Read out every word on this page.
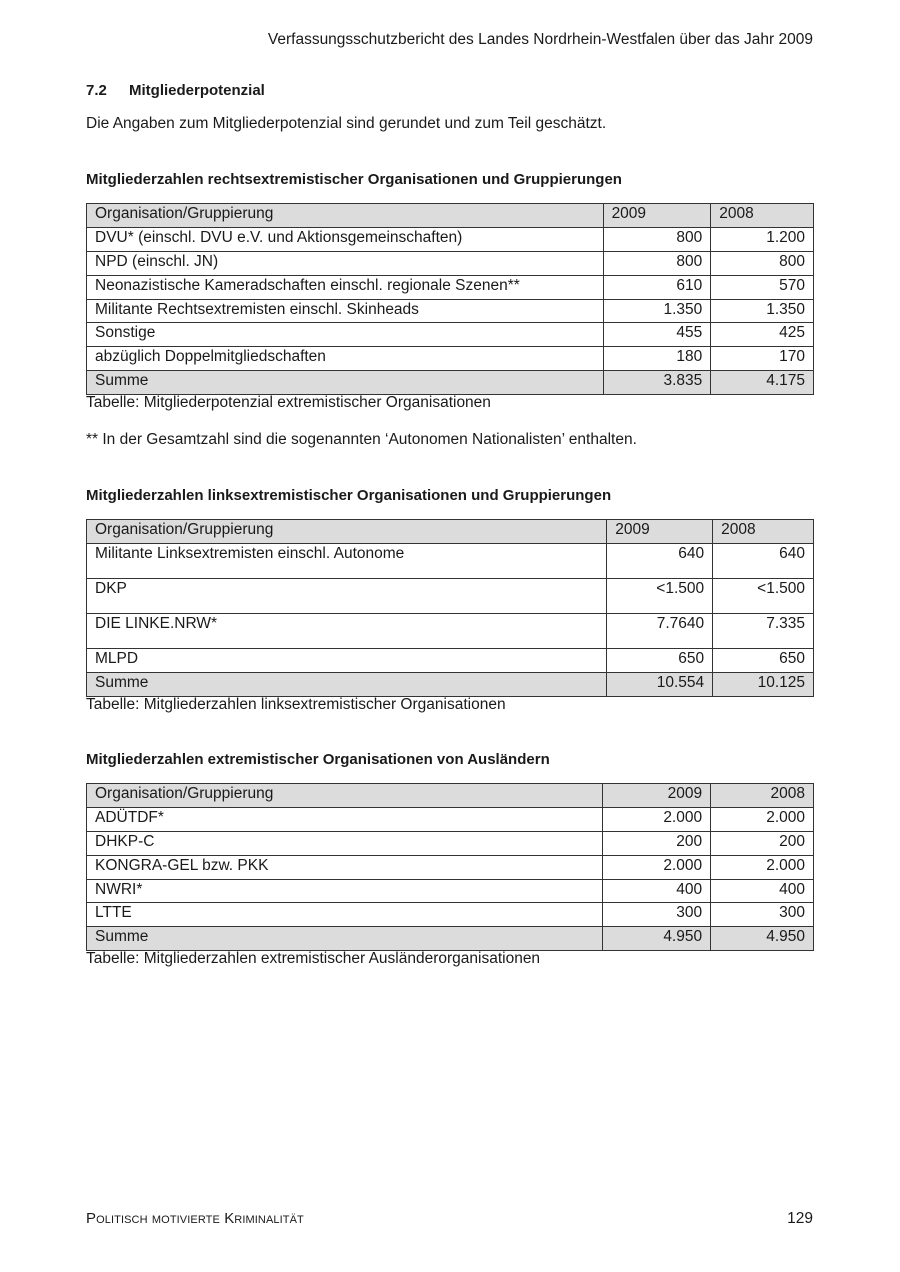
Verfassungsschutzbericht des Landes Nordrhein-Westfalen über das Jahr 2009
7.2 Mitgliederpotenzial
Die Angaben zum Mitgliederpotenzial sind gerundet und zum Teil geschätzt.
Mitgliederzahlen rechtsextremistischer Organisationen und Gruppierungen
Organisation/Gruppierung	2009	2008
DVU* (einschl. DVU e.V. und Aktionsgemeinschaften)	800	1.200
NPD (einschl. JN)	800	800
Neonazistische Kameradschaften einschl. regionale Szenen**	610	570
Militante Rechtsextremisten einschl. Skinheads	1.350	1.350
Sonstige	455	425
abzüglich Doppelmitgliedschaften	180	170
Summe	3.835	4.175
Tabelle: Mitgliederpotenzial extremistischer Organisationen
** In der Gesamtzahl sind die sogenannten ‘Autonomen Nationalisten’ enthalten.
Mitgliederzahlen linksextremistischer Organisationen und Gruppierungen
Organisation/Gruppierung	2009	2008
Militante Linksextremisten einschl. Autonome	640	640
DKP	<1.500	<1.500
DIE LINKE.NRW*	7.7640	7.335
MLPD	650	650
Summe	10.554	10.125
Tabelle: Mitgliederzahlen linksextremistischer Organisationen
Mitgliederzahlen extremistischer Organisationen von Ausländern
Organisation/Gruppierung	2009	2008
ADÜTDF*	2.000	2.000
DHKP-C	200	200
KONGRA-GEL bzw. PKK	2.000	2.000
NWRI*	400	400
LTTE	300	300
Summe	4.950	4.950
Tabelle: Mitgliederzahlen extremistischer Ausländerorganisationen
Politisch motivierte Kriminalität	129
